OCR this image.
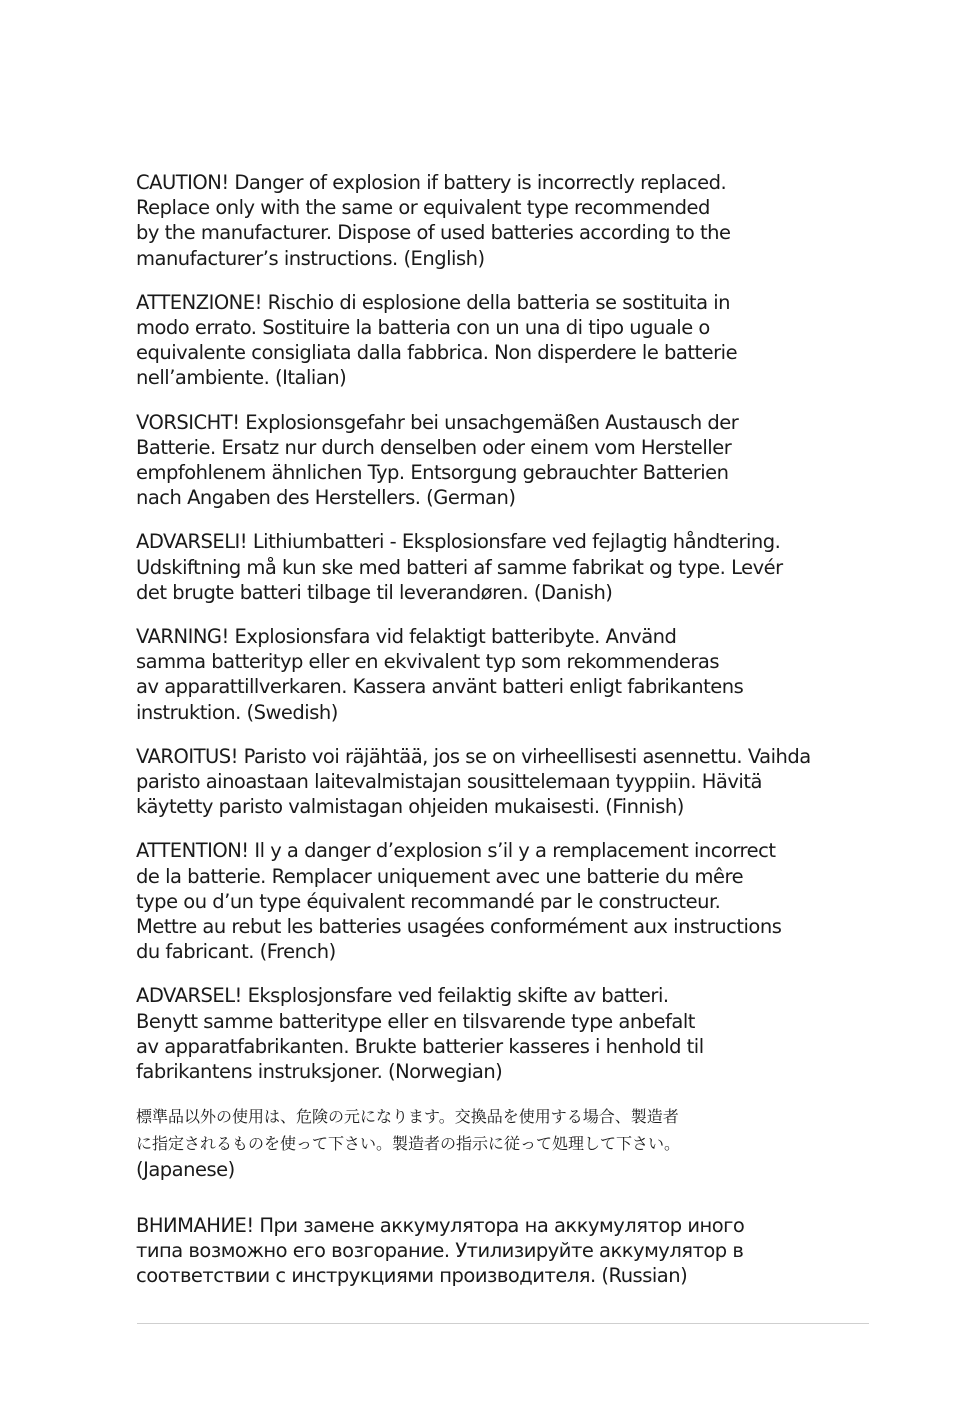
CAUTION! Danger of explosion if battery is incorrectly replaced.
Replace only with the same or equivalent type recommended
by the manufacturer. Dispose of used batteries according to the
manufacturer’s instructions. (English)
ATTENZIONE! Rischio di esplosione della batteria se sostituita in
modo errato. Sostituire la batteria con un una di tipo uguale o
equivalente consigliata dalla fabbrica. Non disperdere le batterie
nell’ambiente. (Italian)
VORSICHT! Explosionsgefahr bei unsachgemäßen Austausch der
Batterie. Ersatz nur durch denselben oder einem vom Hersteller
empfohlenem ähnlichen Typ. Entsorgung gebrauchter Batterien
nach Angaben des Herstellers. (German)
ADVARSELI! Lithiumbatteri - Eksplosionsfare ved fejlagtig håndtering.
Udskiftning må kun ske med batteri af samme fabrikat og type. Levér
det brugte batteri tilbage til leverandøren. (Danish)
VARNING! Explosionsfara vid felaktigt batteribyte. Använd
samma batterityp eller en ekvivalent typ som rekommenderas
av apparattillverkaren. Kassera använt batteri enligt fabrikantens
instruktion. (Swedish)
VAROITUS! Paristo voi räjähtää, jos se on virheellisesti asennettu. Vaihda
paristo ainoastaan laitevalmistajan sousittelemaan tyyppiin. Hävitä
käytetty paristo valmistagan ohjeiden mukaisesti. (Finnish)
ATTENTION! Il y a danger d’explosion s’il y a remplacement incorrect
de la batterie. Remplacer uniquement avec une batterie du mêre
type ou d’un type équivalent recommandé par le constructeur.
Mettre au rebut les batteries usagées conformément aux instructions
du fabricant. (French)
ADVARSEL! Eksplosjonsfare ved feilaktig skifte av batteri.
Benytt samme batteritype eller en tilsvarende type anbefalt
av apparatfabrikanten. Brukte batterier kasseres i henhold til
fabrikantens instruksjoner. (Norwegian)
標準品以外の使用は、危険の元になります。交換品を使用する場合、製造者
に指定されるものを使って下さい。製造者の指示に従って処理して下さい。
(Japanese)
ВНИМАНИЕ! При замене аккумулятора на аккумулятор иного
типа возможно его возгорание. Утилизируйте аккумулятор в
соответствии с инструкциями производителя. (Russian)
